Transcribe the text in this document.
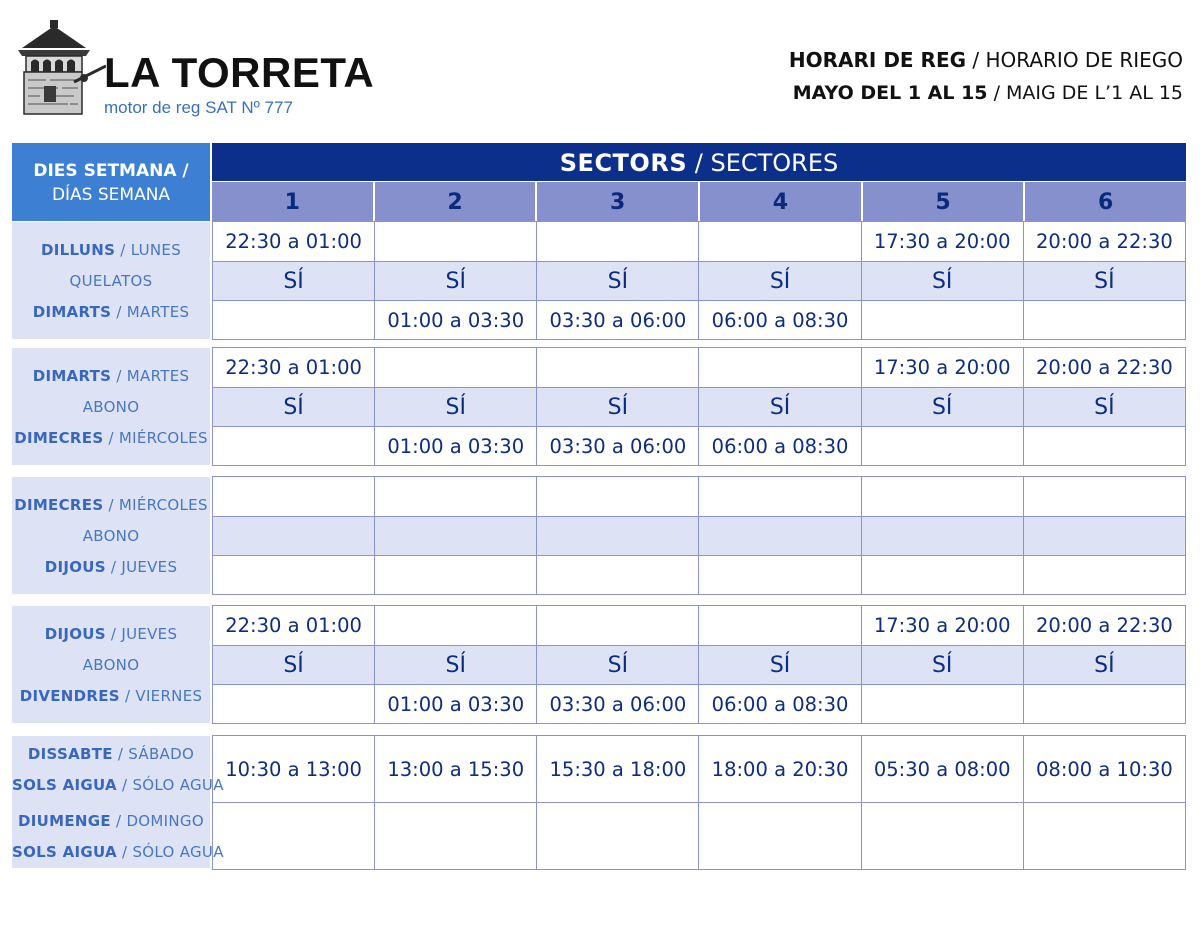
LA TORRETA
motor de reg SAT Nº 777
HORARI DE REG / HORARIO DE RIEGO
MAYO DEL 1 AL 15 / MAIG DE L’1 AL 15
DIES SETMANA /
DÍAS SEMANA
SECTORS / SECTORES
1	2	3	4	5	6
DILLUNS / LUNES
QUELATOS
DIMARTS / MARTES
22:30 a 01:00				17:30 a 20:00	20:00 a 22:30
SÍ	SÍ	SÍ	SÍ	SÍ	SÍ
	01:00 a 03:30	03:30 a 06:00	06:00 a 08:30		
DIMARTS / MARTES
ABONO
DIMECRES / MIÉRCOLES
22:30 a 01:00				17:30 a 20:00	20:00 a 22:30
SÍ	SÍ	SÍ	SÍ	SÍ	SÍ
	01:00 a 03:30	03:30 a 06:00	06:00 a 08:30		
DIMECRES / MIÉRCOLES
ABONO
DIJOUS / JUEVES

DIJOUS / JUEVES
ABONO
DIVENDRES / VIERNES
22:30 a 01:00				17:30 a 20:00	20:00 a 22:30
SÍ	SÍ	SÍ	SÍ	SÍ	SÍ
	01:00 a 03:30	03:30 a 06:00	06:00 a 08:30		
DISSABTE / SÁBADO
SOLS AIGUA / SÓLO AGUA
DIUMENGE / DOMINGO
SOLS AIGUA / SÓLO AGUA
10:30 a 13:00	13:00 a 15:30	15:30 a 18:00	18:00 a 20:30	05:30 a 08:00	08:00 a 10:30
